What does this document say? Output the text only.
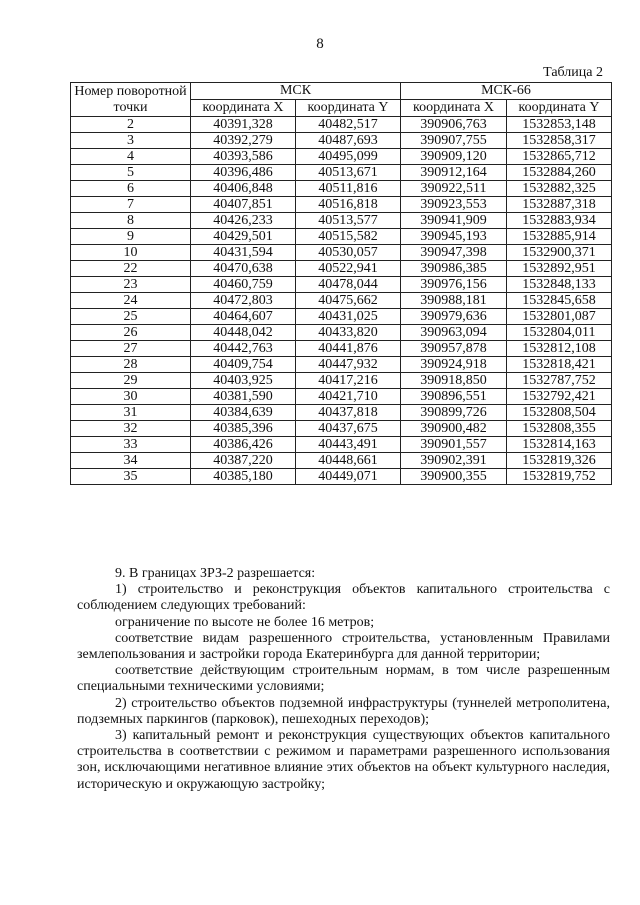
8
Таблица 2
Номер поворотной точки	МСК		МСК-66	
	координата X	координата Y	координата X	координата Y
2	40391,328	40482,517	390906,763	1532853,148
3	40392,279	40487,693	390907,755	1532858,317
4	40393,586	40495,099	390909,120	1532865,712
5	40396,486	40513,671	390912,164	1532884,260
6	40406,848	40511,816	390922,511	1532882,325
7	40407,851	40516,818	390923,553	1532887,318
8	40426,233	40513,577	390941,909	1532883,934
9	40429,501	40515,582	390945,193	1532885,914
10	40431,594	40530,057	390947,398	1532900,371
22	40470,638	40522,941	390986,385	1532892,951
23	40460,759	40478,044	390976,156	1532848,133
24	40472,803	40475,662	390988,181	1532845,658
25	40464,607	40431,025	390979,636	1532801,087
26	40448,042	40433,820	390963,094	1532804,011
27	40442,763	40441,876	390957,878	1532812,108
28	40409,754	40447,932	390924,918	1532818,421
29	40403,925	40417,216	390918,850	1532787,752
30	40381,590	40421,710	390896,551	1532792,421
31	40384,639	40437,818	390899,726	1532808,504
32	40385,396	40437,675	390900,482	1532808,355
33	40386,426	40443,491	390901,557	1532814,163
34	40387,220	40448,661	390902,391	1532819,326
35	40385,180	40449,071	390900,355	1532819,752

9. В границах ЗРЗ-2 разрешается:

1) строительство и реконструкция объектов капитального строительства с соблюдением следующих требований:

ограничение по высоте не более 16 метров;

соответствие видам разрешенного строительства, установленным Правилами землепользования и застройки города Екатеринбурга для данной территории;

соответствие действующим строительным нормам, в том числе разрешенным специальными техническими условиями;

2) строительство объектов подземной инфраструктуры (туннелей метрополитена, подземных паркингов (парковок), пешеходных переходов);

3) капитальный ремонт и реконструкция существующих объектов капитального строительства в соответствии с режимом и параметрами разрешенного использования зон, исключающими негативное влияние этих объектов на объект культурного наследия, историческую и окружающую застройку;
